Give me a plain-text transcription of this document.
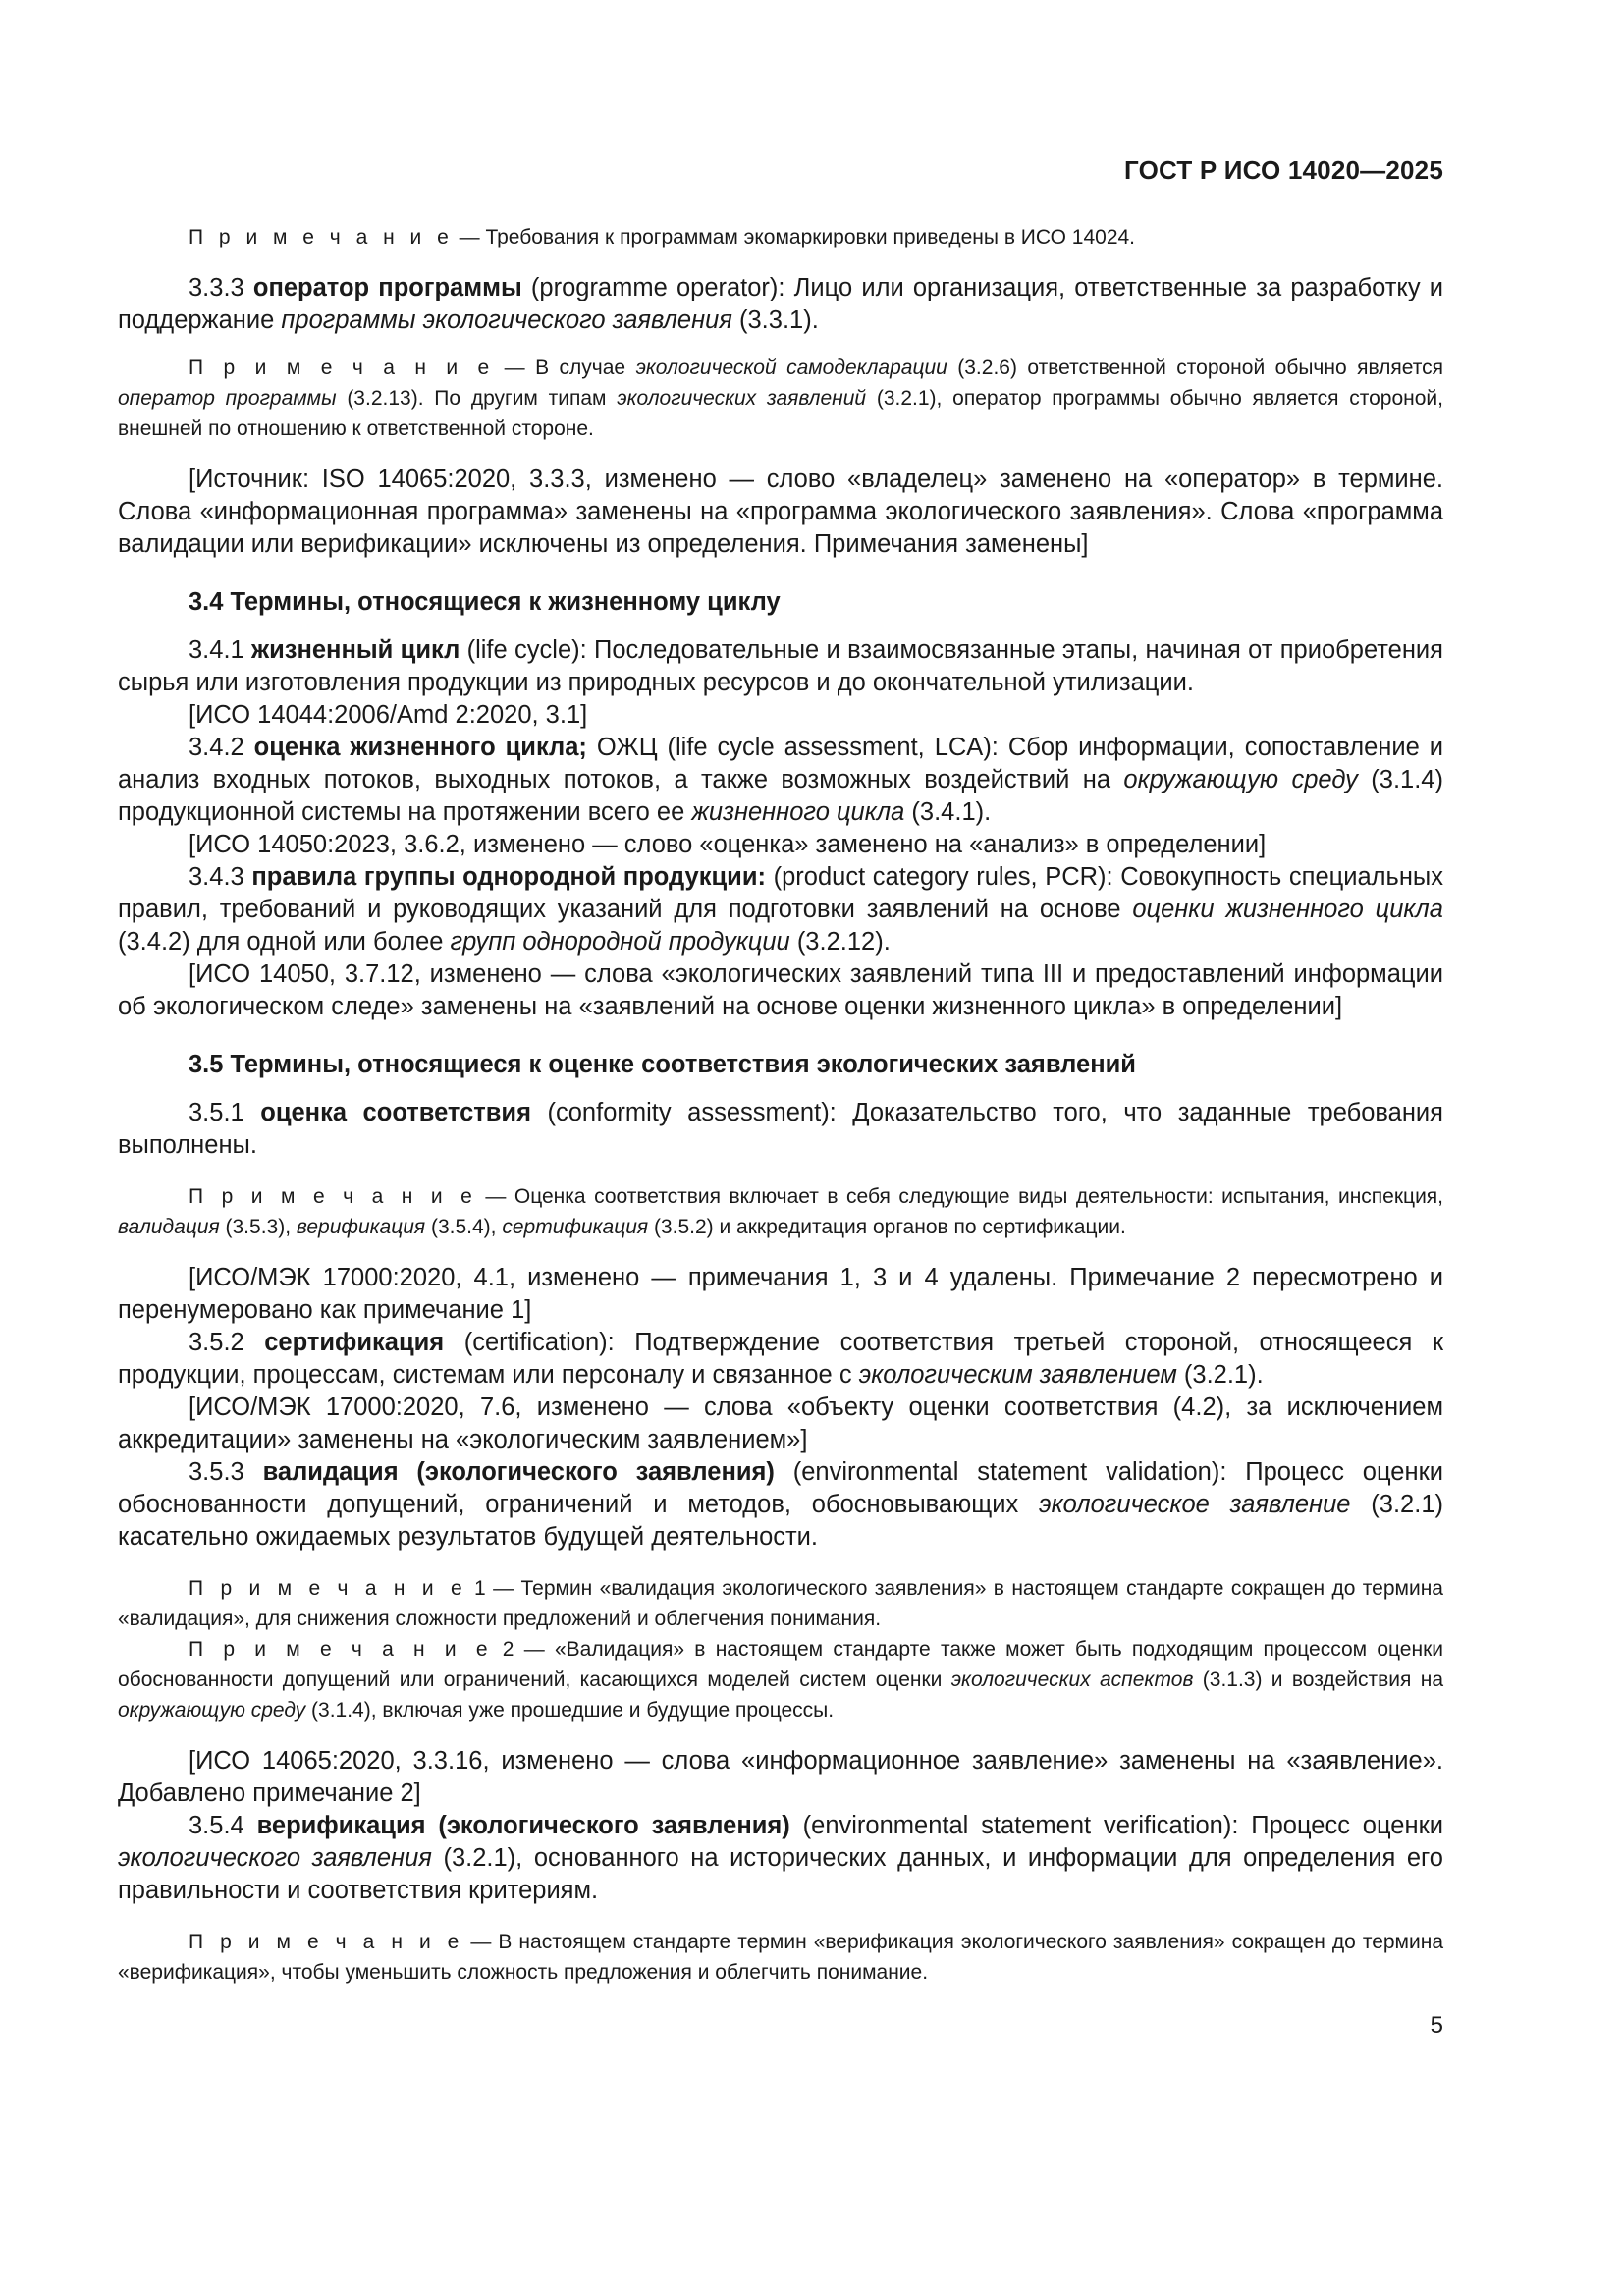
ГОСТ Р ИСО 14020—2025

П р и м е ч а н и е — Требования к программам экомаркировки приведены в ИСО 14024.

3.3.3 оператор программы (programme operator): Лицо или организация, ответственные за разработку и поддержание программы экологического заявления (3.3.1).

П р и м е ч а н и е — В случае экологической самодекларации (3.2.6) ответственной стороной обычно является оператор программы (3.2.13). По другим типам экологических заявлений (3.2.1), оператор программы обычно является стороной, внешней по отношению к ответственной стороне.

[Источник: ISO 14065:2020, 3.3.3, изменено — слово «владелец» заменено на «оператор» в термине. Слова «информационная программа» заменены на «программа экологического заявления». Слова «программа валидации или верификации» исключены из определения. Примечания заменены]

3.4 Термины, относящиеся к жизненному циклу

3.4.1 жизненный цикл (life cycle): Последовательные и взаимосвязанные этапы, начиная от приобретения сырья или изготовления продукции из природных ресурсов и до окончательной утилизации.

[ИСО 14044:2006/Amd 2:2020, 3.1]

3.4.2 оценка жизненного цикла; ОЖЦ (life cycle assessment, LCA): Сбор информации, сопоставление и анализ входных потоков, выходных потоков, а также возможных воздействий на окружающую среду (3.1.4) продукционной системы на протяжении всего ее жизненного цикла (3.4.1).

[ИСО 14050:2023, 3.6.2, изменено — слово «оценка» заменено на «анализ» в определении]

3.4.3 правила группы однородной продукции: (product category rules, PCR): Совокупность специальных правил, требований и руководящих указаний для подготовки заявлений на основе оценки жизненного цикла (3.4.2) для одной или более групп однородной продукции (3.2.12).

[ИСО 14050, 3.7.12, изменено — слова «экологических заявлений типа III и предоставлений информации об экологическом следе» заменены на «заявлений на основе оценки жизненного цикла» в определении]

3.5 Термины, относящиеся к оценке соответствия экологических заявлений

3.5.1 оценка соответствия (conformity assessment): Доказательство того, что заданные требования выполнены.

П р и м е ч а н и е — Оценка соответствия включает в себя следующие виды деятельности: испытания, инспекция, валидация (3.5.3), верификация (3.5.4), сертификация (3.5.2) и аккредитация органов по сертификации.

[ИСО/МЭК 17000:2020, 4.1, изменено — примечания 1, 3 и 4 удалены. Примечание 2 пересмотрено и перенумеровано как примечание 1]

3.5.2 сертификация (certification): Подтверждение соответствия третьей стороной, относящееся к продукции, процессам, системам или персоналу и связанное с экологическим заявлением (3.2.1).

[ИСО/МЭК 17000:2020, 7.6, изменено — слова «объекту оценки соответствия (4.2), за исключением аккредитации» заменены на «экологическим заявлением»]

3.5.3 валидация (экологического заявления) (environmental statement validation): Процесс оценки обоснованности допущений, ограничений и методов, обосновывающих экологическое заявление (3.2.1) касательно ожидаемых результатов будущей деятельности.

П р и м е ч а н и е 1 — Термин «валидация экологического заявления» в настоящем стандарте сокращен до термина «валидация», для снижения сложности предложений и облегчения понимания.

П р и м е ч а н и е 2 — «Валидация» в настоящем стандарте также может быть подходящим процессом оценки обоснованности допущений или ограничений, касающихся моделей систем оценки экологических аспектов (3.1.3) и воздействия на окружающую среду (3.1.4), включая уже прошедшие и будущие процессы.

[ИСО 14065:2020, 3.3.16, изменено — слова «информационное заявление» заменены на «заявление». Добавлено примечание 2]

3.5.4 верификация (экологического заявления) (environmental statement verification): Процесс оценки экологического заявления (3.2.1), основанного на исторических данных, и информации для определения его правильности и соответствия критериям.

П р и м е ч а н и е — В настоящем стандарте термин «верификация экологического заявления» сокращен до термина «верификация», чтобы уменьшить сложность предложения и облегчить понимание.

5
